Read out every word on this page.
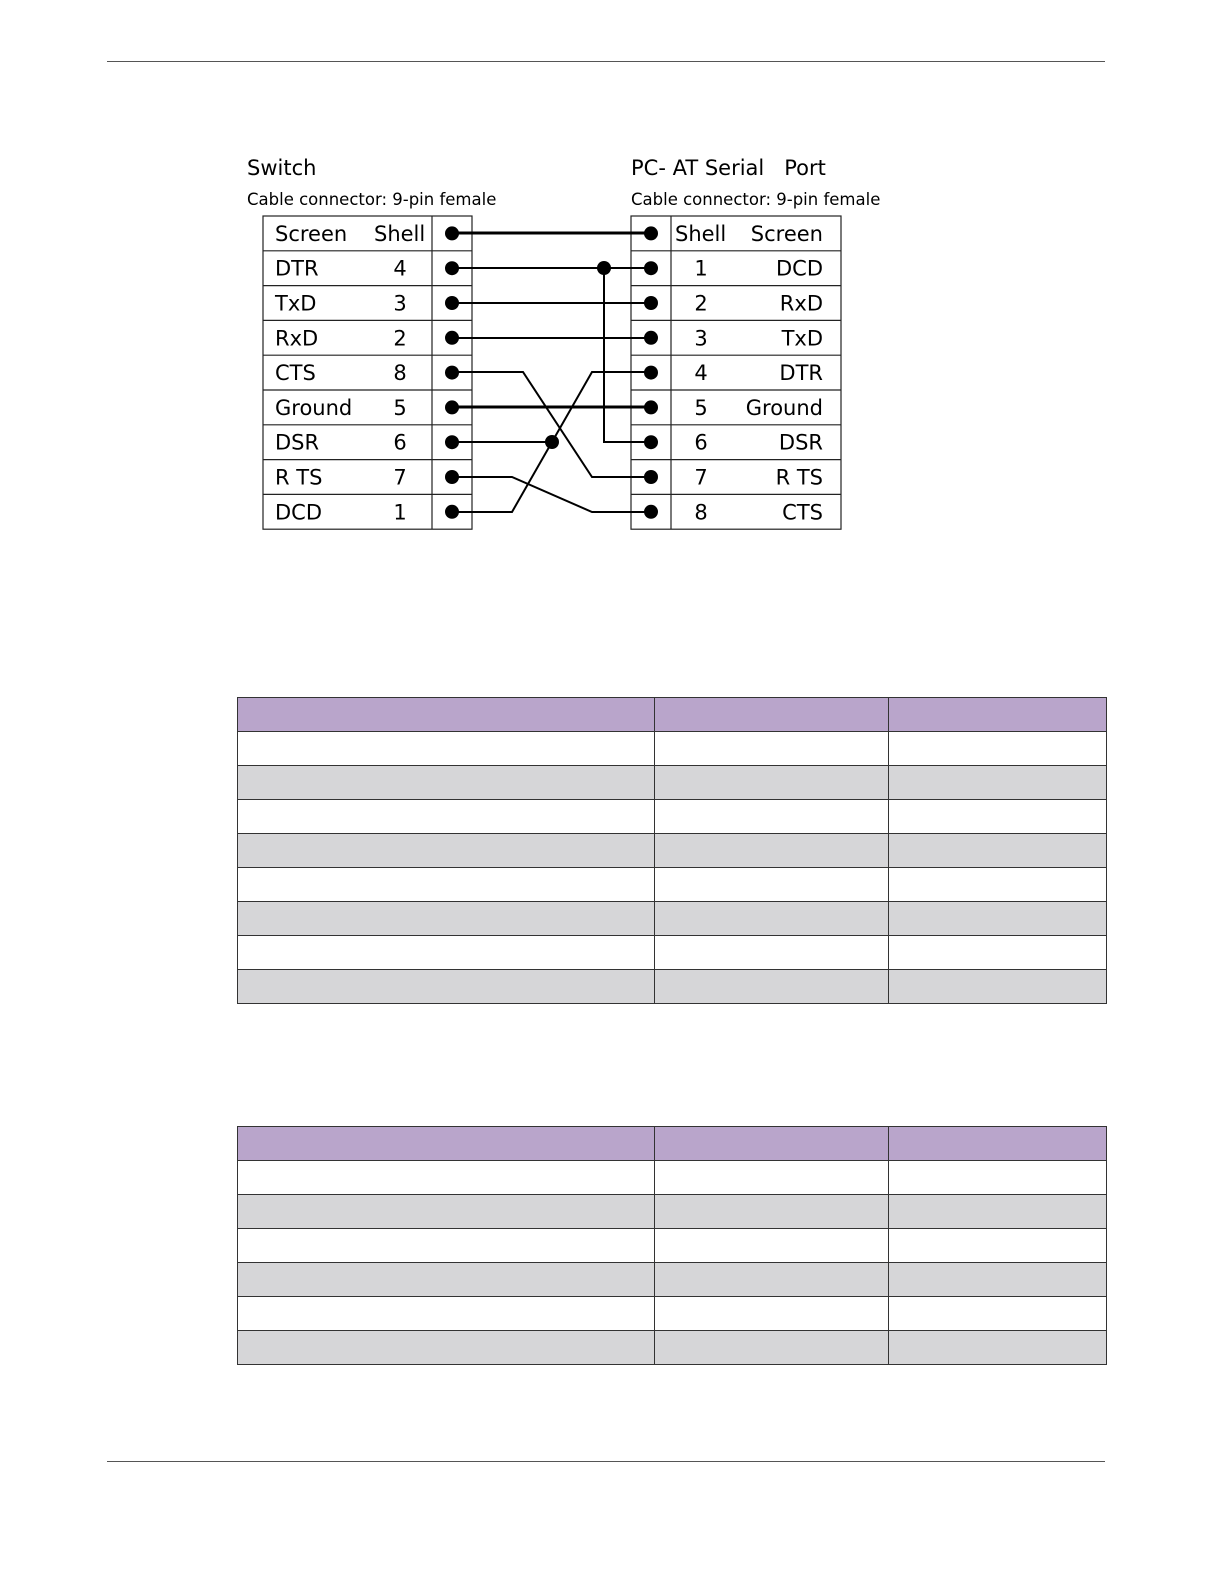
Switch
Cable connector: 9-pin female
PC- AT Serial   Port
Cable connector: 9-pin female
Screen Shell
DTR	4
TxD	3
RxD	2
CTS	8
Ground 5
DSR	6
R TS	7
DCD	1
Shell Screen
1	DCD
2	RxD
3	TxD
4	DTR
5 Ground
6	DSR
7	R TS
8	CTS
